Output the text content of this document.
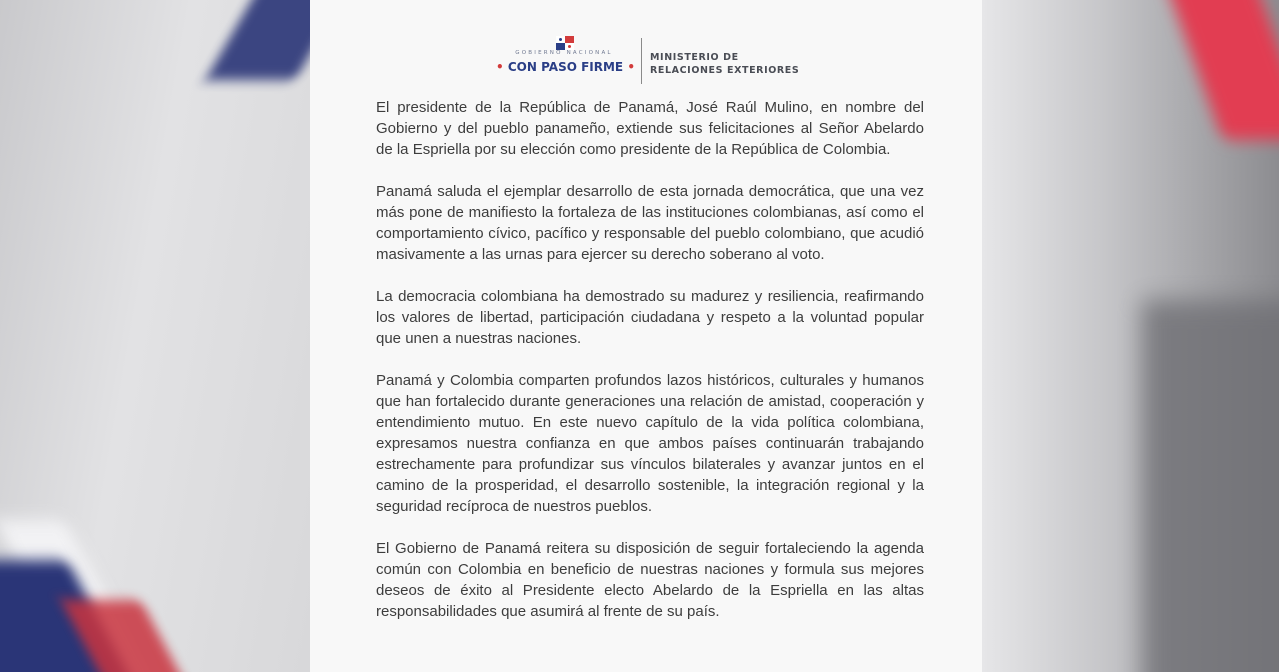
GOBIERNO NACIONAL
• CON PASO FIRME •
MINISTERIO DE
RELACIONES EXTERIORES

El presidente de la República de Panamá, José Raúl Mulino, en nombre del Gobierno y del pueblo panameño, extiende sus felicitaciones al Señor Abelardo de la Espriella por su elección como presidente de la República de Colombia.

Panamá saluda el ejemplar desarrollo de esta jornada democrática, que una vez más pone de manifiesto la fortaleza de las instituciones colombianas, así como el comportamiento cívico, pacífico y responsable del pueblo colombiano, que acudió masivamente a las urnas para ejercer su derecho soberano al voto.

La democracia colombiana ha demostrado su madurez y resiliencia, reafirmando los valores de libertad, participación ciudadana y respeto a la voluntad popular que unen a nuestras naciones.

Panamá y Colombia comparten profundos lazos históricos, culturales y humanos que han fortalecido durante generaciones una relación de amistad, cooperación y entendimiento mutuo. En este nuevo capítulo de la vida política colombiana, expresamos nuestra confianza en que ambos países continuarán trabajando estrechamente para profundizar sus vínculos bilaterales y avanzar juntos en el camino de la prosperidad, el desarrollo sostenible, la integración regional y la seguridad recíproca de nuestros pueblos.

El Gobierno de Panamá reitera su disposición de seguir fortaleciendo la agenda común con Colombia en beneficio de nuestras naciones y formula sus mejores deseos de éxito al Presidente electo Abelardo de la Espriella en las altas responsabilidades que asumirá al frente de su país.
